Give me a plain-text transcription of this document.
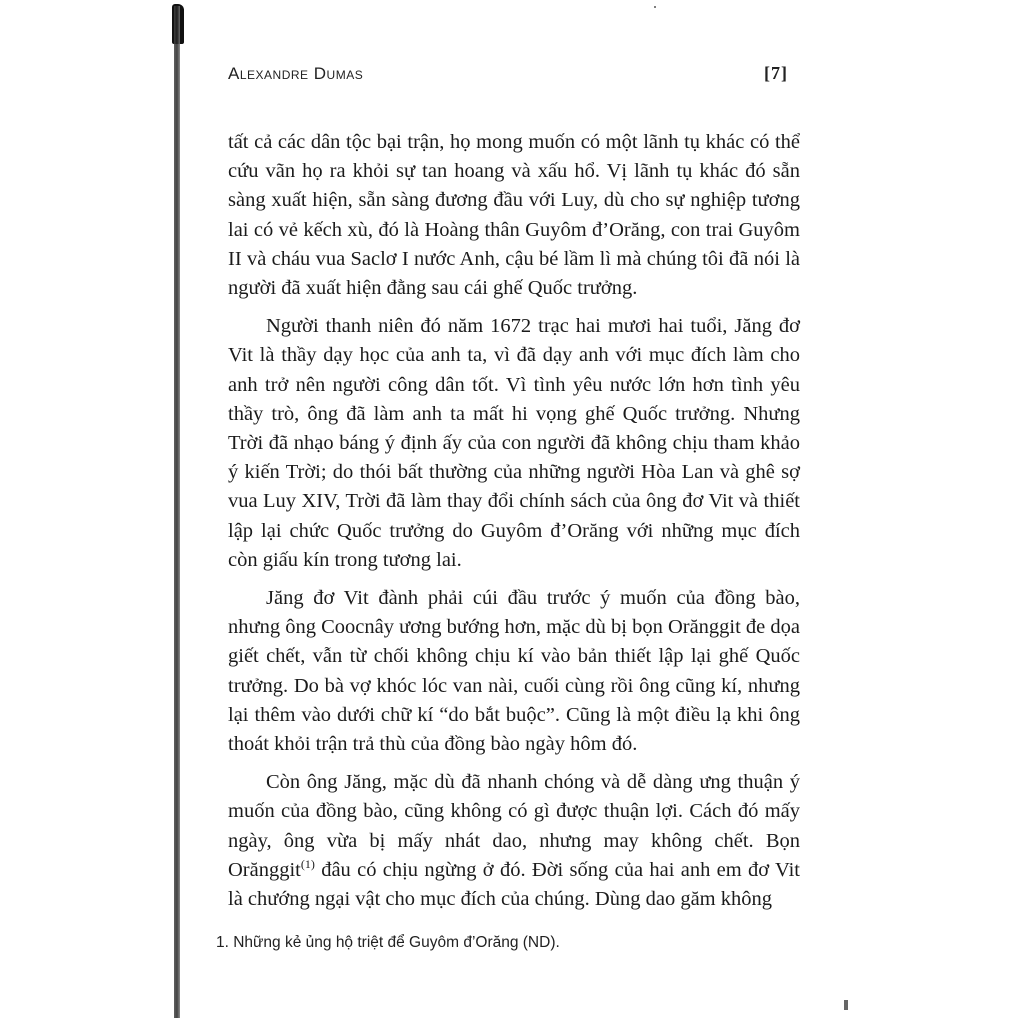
Alexandre Dumas	[7]

tất cả các dân tộc bại trận, họ mong muốn có một lãnh tụ khác có thể cứu vãn họ ra khỏi sự tan hoang và xấu hổ. Vị lãnh tụ khác đó sẵn sàng xuất hiện, sẵn sàng đương đầu với Luy, dù cho sự nghiệp tương lai có vẻ kếch xù, đó là Hoàng thân Guyôm đ’Orăng, con trai Guyôm II và cháu vua Saclơ I nước Anh, cậu bé lầm lì mà chúng tôi đã nói là người đã xuất hiện đằng sau cái ghế Quốc trưởng.

Người thanh niên đó năm 1672 trạc hai mươi hai tuổi, Jăng đơ Vit là thầy dạy học của anh ta, vì đã dạy anh với mục đích làm cho anh trở nên người công dân tốt. Vì tình yêu nước lớn hơn tình yêu thầy trò, ông đã làm anh ta mất hi vọng ghế Quốc trưởng. Nhưng Trời đã nhạo báng ý định ấy của con người đã không chịu tham khảo ý kiến Trời; do thói bất thường của những người Hòa Lan và ghê sợ vua Luy XIV, Trời đã làm thay đổi chính sách của ông đơ Vit và thiết lập lại chức Quốc trưởng do Guyôm đ’Orăng với những mục đích còn giấu kín trong tương lai.

Jăng đơ Vit đành phải cúi đầu trước ý muốn của đồng bào, nhưng ông Coocnây ương bướng hơn, mặc dù bị bọn Orănggit đe dọa giết chết, vẫn từ chối không chịu kí vào bản thiết lập lại ghế Quốc trưởng. Do bà vợ khóc lóc van nài, cuối cùng rồi ông cũng kí, nhưng lại thêm vào dưới chữ kí “do bắt buộc”. Cũng là một điều lạ khi ông thoát khỏi trận trả thù của đồng bào ngày hôm đó.

Còn ông Jăng, mặc dù đã nhanh chóng và dễ dàng ưng thuận ý muốn của đồng bào, cũng không có gì được thuận lợi. Cách đó mấy ngày, ông vừa bị mấy nhát dao, nhưng may không chết. Bọn Orănggit$^{(1)}$ đâu có chịu ngừng ở đó. Đời sống của hai anh em đơ Vit là chướng ngại vật cho mục đích của chúng. Dùng dao găm không

1. Những kẻ ủng hộ triệt để Guyôm đ’Orăng (ND).
